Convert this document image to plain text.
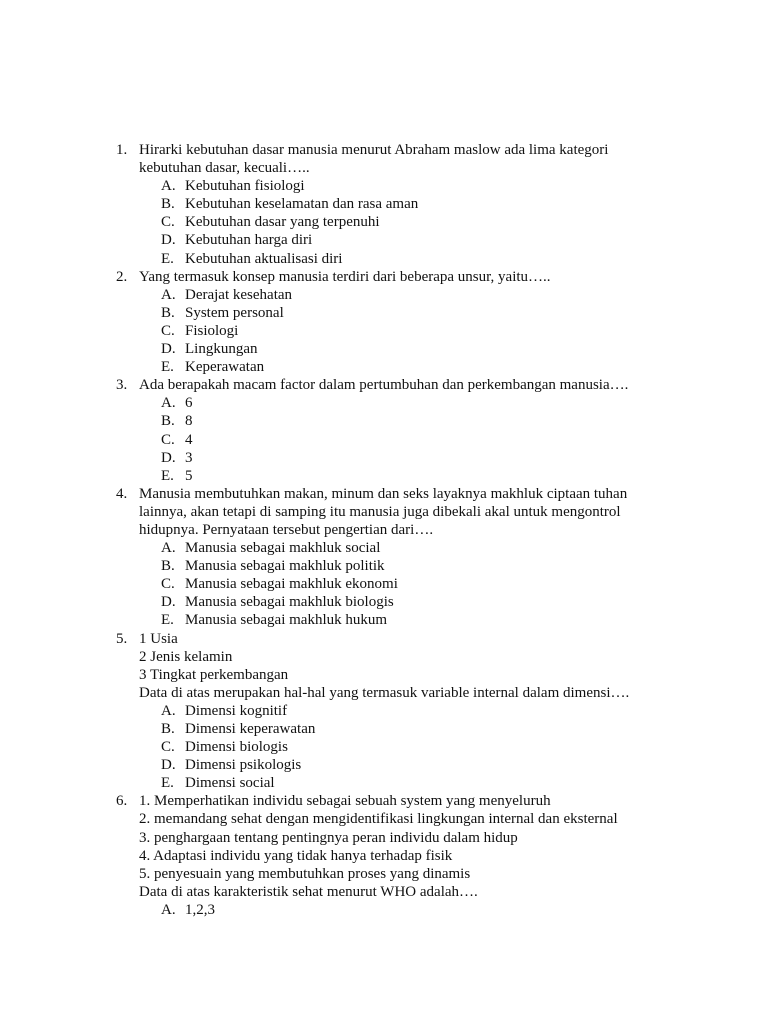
1. Hirarki kebutuhan dasar manusia menurut Abraham maslow ada lima kategori
kebutuhan dasar, kecuali…..
A. Kebutuhan fisiologi
B. Kebutuhan keselamatan dan rasa aman
C. Kebutuhan dasar yang terpenuhi
D. Kebutuhan harga diri
E. Kebutuhan aktualisasi diri
2. Yang termasuk konsep manusia terdiri dari beberapa unsur, yaitu…..
A. Derajat kesehatan
B. System personal
C. Fisiologi
D. Lingkungan
E. Keperawatan
3. Ada berapakah macam factor dalam pertumbuhan dan perkembangan manusia….
A. 6
B. 8
C. 4
D. 3
E. 5
4. Manusia membutuhkan makan, minum dan seks layaknya makhluk ciptaan tuhan
lainnya, akan tetapi di samping itu manusia juga dibekali akal untuk mengontrol
hidupnya. Pernyataan tersebut pengertian dari….
A. Manusia sebagai makhluk social
B. Manusia sebagai makhluk politik
C. Manusia sebagai makhluk ekonomi
D. Manusia sebagai makhluk biologis
E. Manusia sebagai makhluk hukum
5. 1 Usia
2 Jenis kelamin
3 Tingkat perkembangan
Data di atas merupakan hal-hal yang termasuk variable internal dalam dimensi….
A. Dimensi kognitif
B. Dimensi keperawatan
C. Dimensi biologis
D. Dimensi psikologis
E. Dimensi social
6. 1. Memperhatikan individu sebagai sebuah system yang menyeluruh
2. memandang sehat dengan mengidentifikasi lingkungan internal dan eksternal
3. penghargaan tentang pentingnya peran individu dalam hidup
4. Adaptasi individu yang tidak hanya terhadap fisik
5. penyesuain yang membutuhkan proses yang dinamis
Data di atas karakteristik sehat menurut WHO adalah….
A. 1,2,3
